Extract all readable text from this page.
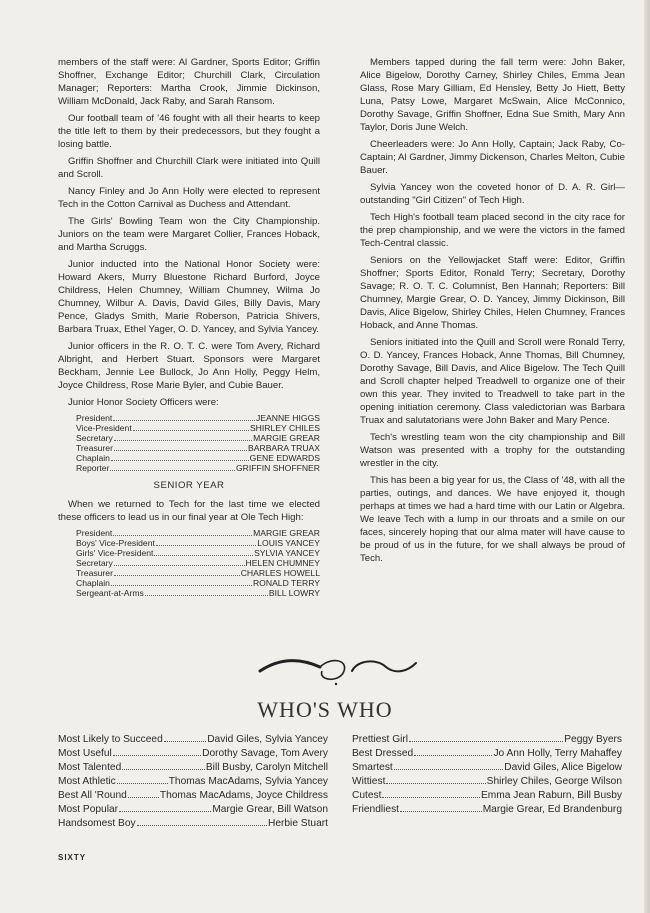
members of the staff were: Al Gardner, Sports Editor; Griffin Shoffner, Exchange Editor; Churchill Clark, Circulation Manager; Reporters: Martha Crook, Jimmie Dickinson, William McDonald, Jack Raby, and Sarah Ransom.

Our football team of '46 fought with all their hearts to keep the title left to them by their predecessors, but they fought a losing battle.

Griffin Shoffner and Churchill Clark were initiated into Quill and Scroll.

Nancy Finley and Jo Ann Holly were elected to represent Tech in the Cotton Carnival as Duchess and Attendant.

The Girls' Bowling Team won the City Championship. Juniors on the team were Margaret Collier, Frances Hoback, and Martha Scruggs.

Junior inducted into the National Honor Society were: Howard Akers, Murry Bluestone Richard Burford, Joyce Childress, Helen Chumney, William Chumney, Wilma Jo Chumney, Wilbur A. Davis, David Giles, Billy Davis, Mary Pence, Gladys Smith, Marie Roberson, Patricia Shivers, Barbara Truax, Ethel Yager, O. D. Yancey, and Sylvia Yancey.

Junior officers in the R. O. T. C. were Tom Avery, Richard Albright, and Herbert Stuart. Sponsors were Margaret Beckham, Jennie Lee Bullock, Jo Ann Holly, Peggy Helm, Joyce Childress, Rose Marie Byler, and Cubie Bauer.

Junior Honor Society Officers were:

President	JEANNE HIGGS
Vice-President	SHIRLEY CHILES
Secretary	MARGIE GREAR
Treasurer	BARBARA TRUAX
Chaplain	GENE EDWARDS
Reporter	GRIFFIN SHOFFNER
SENIOR YEAR

When we returned to Tech for the last time we elected these officers to lead us in our final year at Ole Tech High:

President	MARGIE GREAR
Boys' Vice-President	LOUIS YANCEY
Girls' Vice-President	SYLVIA YANCEY
Secretary	HELEN CHUMNEY
Treasurer	CHARLES HOWELL
Chaplain	RONALD TERRY
Sergeant-at-Arms	BILL LOWRY

Members tapped during the fall term were: John Baker, Alice Bigelow, Dorothy Carney, Shirley Chiles, Emma Jean Glass, Rose Mary Gilliam, Ed Hensley, Betty Jo Hiett, Betty Luna, Patsy Lowe, Margaret McSwain, Alice McConnico, Dorothy Savage, Griffin Shoffner, Edna Sue Smith, Mary Ann Taylor, Doris June Welch.

Cheerleaders were: Jo Ann Holly, Captain; Jack Raby, Co-Captain; Al Gardner, Jimmy Dickenson, Charles Melton, Cubie Bauer.

Sylvia Yancey won the coveted honor of D. A. R. Girl—outstanding "Girl Citizen" of Tech High.

Tech High's football team placed second in the city race for the prep championship, and we were the victors in the famed Tech-Central classic.

Seniors on the Yellowjacket Staff were: Editor, Griffin Shoffner; Sports Editor, Ronald Terry; Secretary, Dorothy Savage; R. O. T. C. Columnist, Ben Hannah; Reporters: Bill Chumney, Margie Grear, O. D. Yancey, Jimmy Dickinson, Bill Davis, Alice Bigelow, Shirley Chiles, Helen Chumney, Frances Hoback, and Anne Thomas.

Seniors initiated into the Quill and Scroll were Ronald Terry, O. D. Yancey, Frances Hoback, Anne Thomas, Bill Chumney, Dorothy Savage, Bill Davis, and Alice Bigelow. The Tech Quill and Scroll chapter helped Treadwell to organize one of their own this year. They invited to Treadwell to take part in the opening initiation ceremony. Class valedictorian was Barbara Truax and salutatorians were John Baker and Mary Pence.

Tech's wrestling team won the city championship and Bill Watson was presented with a trophy for the outstanding wrestler in the city.

This has been a big year for us, the Class of '48, with all the parties, outings, and dances. We have enjoyed it, though perhaps at times we had a hard time with our Latin or Algebra. We leave Tech with a lump in our throats and a smile on our faces, sincerely hoping that our alma mater will have cause to be proud of us in the future, for we shall always be proud of Tech.

WHO'S WHO
Most Likely to Succeed	David Giles, Sylvia Yancey
Most Useful	Dorothy Savage, Tom Avery
Most Talented	Bill Busby, Carolyn Mitchell
Most Athletic	Thomas MacAdams, Sylvia Yancey
Best All 'Round	Thomas MacAdams, Joyce Childress
Most Popular	Margie Grear, Bill Watson
Handsomest Boy	Herbie Stuart
Prettiest Girl	Peggy Byers
Best Dressed	Jo Ann Holly, Terry Mahaffey
Smartest	David Giles, Alice Bigelow
Wittiest	Shirley Chiles, George Wilson
Cutest	Emma Jean Raburn, Bill Busby
Friendliest	Margie Grear, Ed Brandenburg
SIXTY
